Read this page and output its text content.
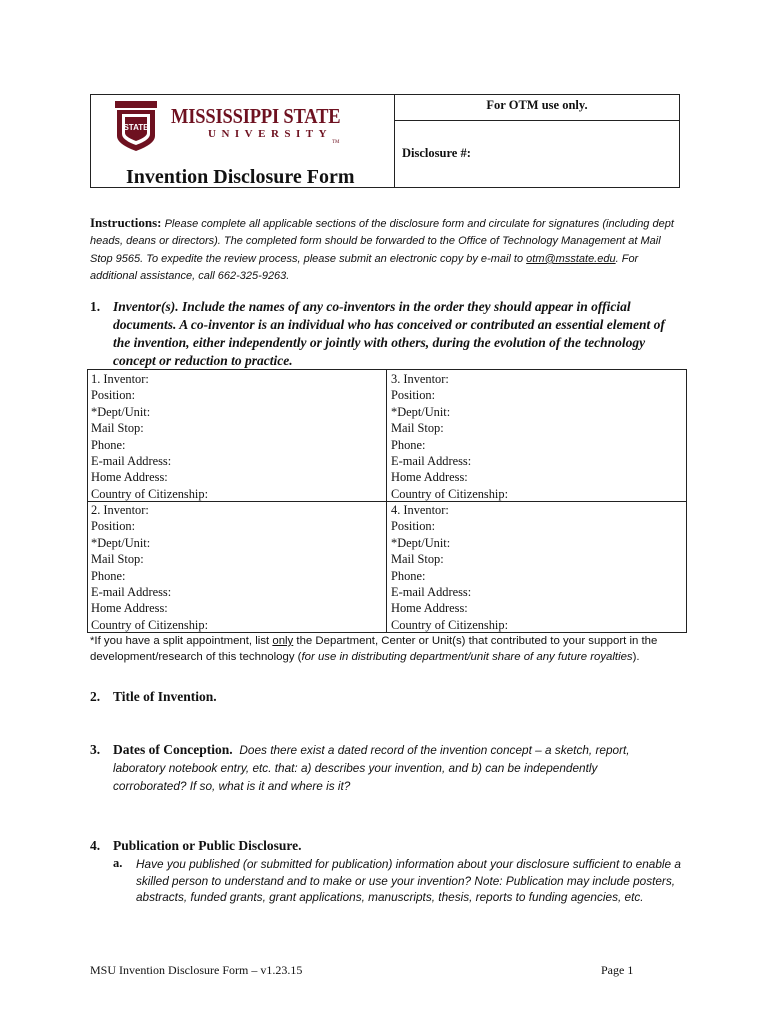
For OTM use only.
Disclosure #:
STATE MISSISSIPPI STATE
UNIVERSITY
TM
Invention Disclosure Form
Instructions: Please complete all applicable sections of the disclosure form and circulate for signatures (including dept heads, deans or directors). The completed form should be forwarded to the Office of Technology Management at Mail Stop 9565. To expedite the review process, please submit an electronic copy by e-mail to otm@msstate.edu. For additional assistance, call 662-325-9263.
1. Inventor(s). Include the names of any co-inventors in the order they should appear in official documents. A co-inventor is an individual who has conceived or contributed an essential element of the invention, either independently or jointly with others, during the evolution of the technology concept or reduction to practice.
1. Inventor:
Position:
*Dept/Unit:
Mail Stop:
Phone:
E-mail Address:
Home Address:
Country of Citizenship:
3. Inventor:
Position:
*Dept/Unit:
Mail Stop:
Phone:
E-mail Address:
Home Address:
Country of Citizenship:
2. Inventor:
Position:
*Dept/Unit:
Mail Stop:
Phone:
E-mail Address:
Home Address:
Country of Citizenship:
4. Inventor:
Position:
*Dept/Unit:
Mail Stop:
Phone:
E-mail Address:
Home Address:
Country of Citizenship:
*If you have a split appointment, list only the Department, Center or Unit(s) that contributed to your support in the development/research of this technology (for use in distributing department/unit share of any future royalties).
2. Title of Invention.
3. Dates of Conception. Does there exist a dated record of the invention concept – a sketch, report, laboratory notebook entry, etc. that: a) describes your invention, and b) can be independently corroborated? If so, what is it and where is it?
4. Publication or Public Disclosure.
a. Have you published (or submitted for publication) information about your disclosure sufficient to enable a skilled person to understand and to make or use your invention? Note: Publication may include posters, abstracts, funded grants, grant applications, manuscripts, thesis, reports to funding agencies, etc.
MSU Invention Disclosure Form – v1.23.15	Page 1
